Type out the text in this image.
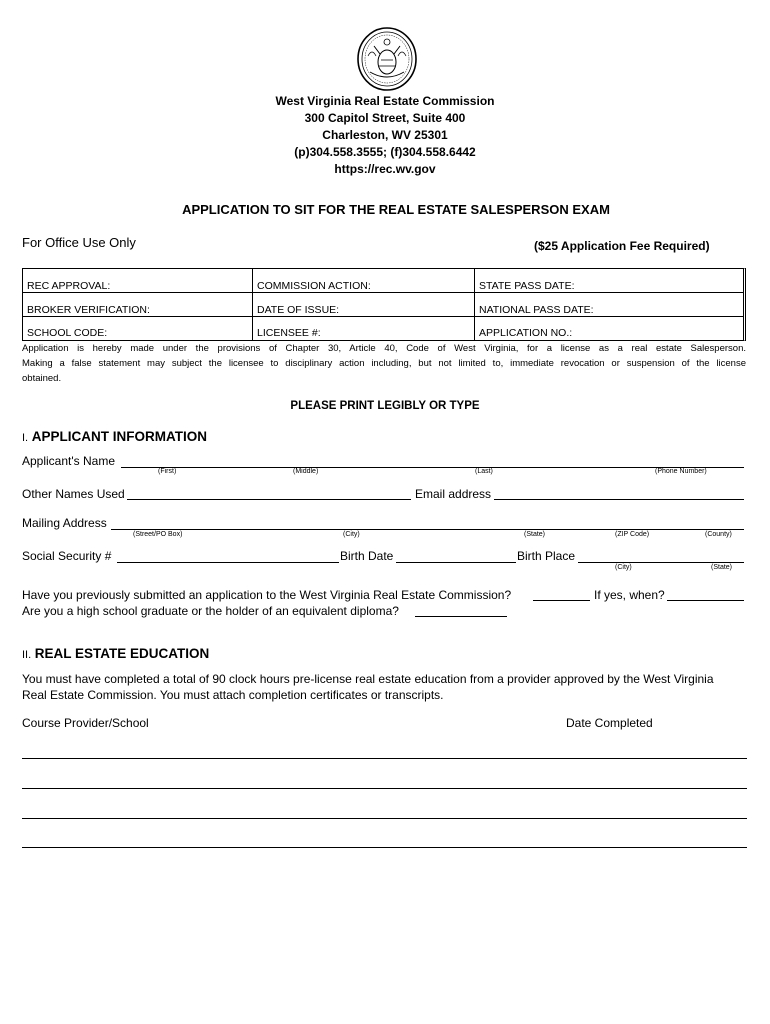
West Virginia Real Estate Commission
300 Capitol Street, Suite 400
Charleston, WV 25301
(p)304.558.3555; (f)304.558.6442
https://rec.wv.gov
APPLICATION TO SIT FOR THE REAL ESTATE SALESPERSON EXAM
For Office Use Only	($25 Application Fee Required)
REC APPROVAL:	COMMISSION ACTION:	STATE PASS DATE:
BROKER VERIFICATION:	DATE OF ISSUE:	NATIONAL PASS DATE:
SCHOOL CODE:	LICENSEE #:	APPLICATION NO.:
Application is hereby made under the provisions of Chapter 30, Article 40, Code of West Virginia, for a license as a real estate Salesperson.
Making a false statement may subject the licensee to disciplinary action including, but not limited to, immediate revocation or suspension of the license
obtained.
PLEASE PRINT LEGIBLY OR TYPE
I. APPLICANT INFORMATION
Applicant's Name
(First)	(Middle)	(Last)	(Phone Number)
Other Names Used	Email address
Mailing Address
(Street/PO Box)	(City)	(State)	(ZIP Code)	(County)
Social Security #	Birth Date	Birth Place
(City)	(State)
Have you previously submitted an application to the West Virginia Real Estate Commission?	If yes, when?
Are you a high school graduate or the holder of an equivalent diploma?
II. REAL ESTATE EDUCATION
You must have completed a total of 90 clock hours pre-license real estate education from a provider approved by the West Virginia
Real Estate Commission. You must attach completion certificates or transcripts.
Course Provider/School	Date Completed
